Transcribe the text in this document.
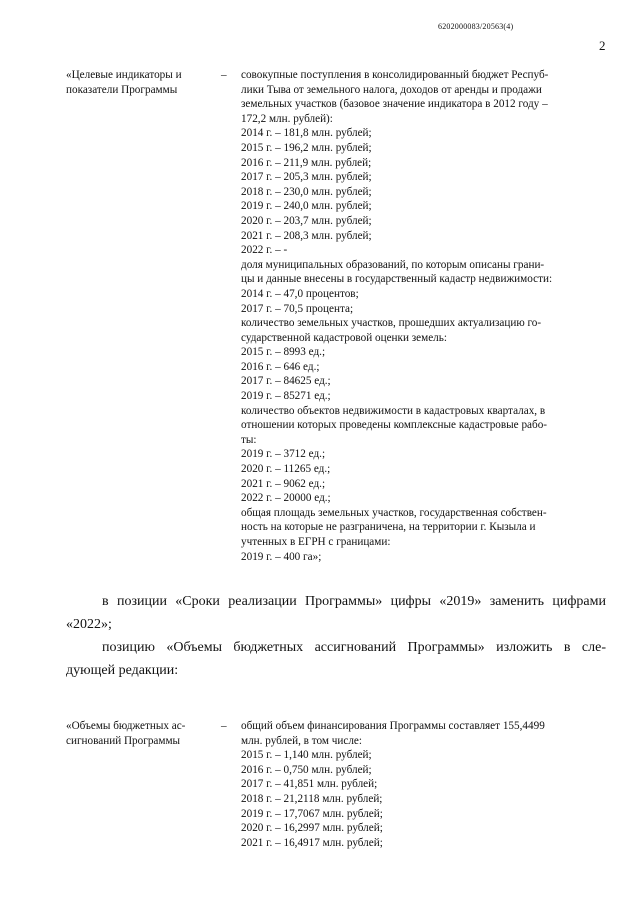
6202000083/20563(4)
2
«Целевые индикаторы и
показатели Программы
–	совокупные поступления в консолидированный бюджет Респуб-
лики Тыва от земельного налога, доходов от аренды и продажи
земельных участков (базовое значение индикатора в 2012 году –
172,2 млн. рублей):
2014 г. – 181,8 млн. рублей;
2015 г. – 196,2 млн. рублей;
2016 г. – 211,9 млн. рублей;
2017 г. – 205,3 млн. рублей;
2018 г. – 230,0 млн. рублей;
2019 г. – 240,0 млн. рублей;
2020 г. – 203,7 млн. рублей;
2021 г. – 208,3 млн. рублей;
2022 г. – -
доля муниципальных образований, по которым описаны грани-
цы и данные внесены в государственный кадастр недвижимости:
2014 г. – 47,0 процентов;
2017 г. – 70,5 процента;
количество земельных участков, прошедших актуализацию го-
сударственной кадастровой оценки земель:
2015 г. – 8993 ед.;
2016 г. – 646 ед.;
2017 г. – 84625 ед.;
2019 г. – 85271 ед.;
количество объектов недвижимости в кадастровых кварталах, в
отношении которых проведены комплексные кадастровые рабо-
ты:
2019 г. – 3712 ед.;
2020 г. – 11265 ед.;
2021 г. – 9062 ед.;
2022 г. – 20000 ед.;
общая площадь земельных участков, государственная собствен-
ность на которые не разграничена, на территории г. Кызыла и
учтенных в ЕГРН с границами:
2019 г. – 400 га»;
в позиции «Сроки реализации Программы» цифры «2019» заменить цифрами
«2022»;
позицию «Объемы бюджетных ассигнований Программы» изложить в сле-
дующей редакции:
«Объемы бюджетных ас-
сигнований Программы
–	общий объем финансирования Программы составляет 155,4499
млн. рублей, в том числе:
2015 г. – 1,140 млн. рублей;
2016 г. – 0,750 млн. рублей;
2017 г. – 41,851 млн. рублей;
2018 г. – 21,2118 млн. рублей;
2019 г. – 17,7067 млн. рублей;
2020 г. – 16,2997 млн. рублей;
2021 г. – 16,4917 млн. рублей;
